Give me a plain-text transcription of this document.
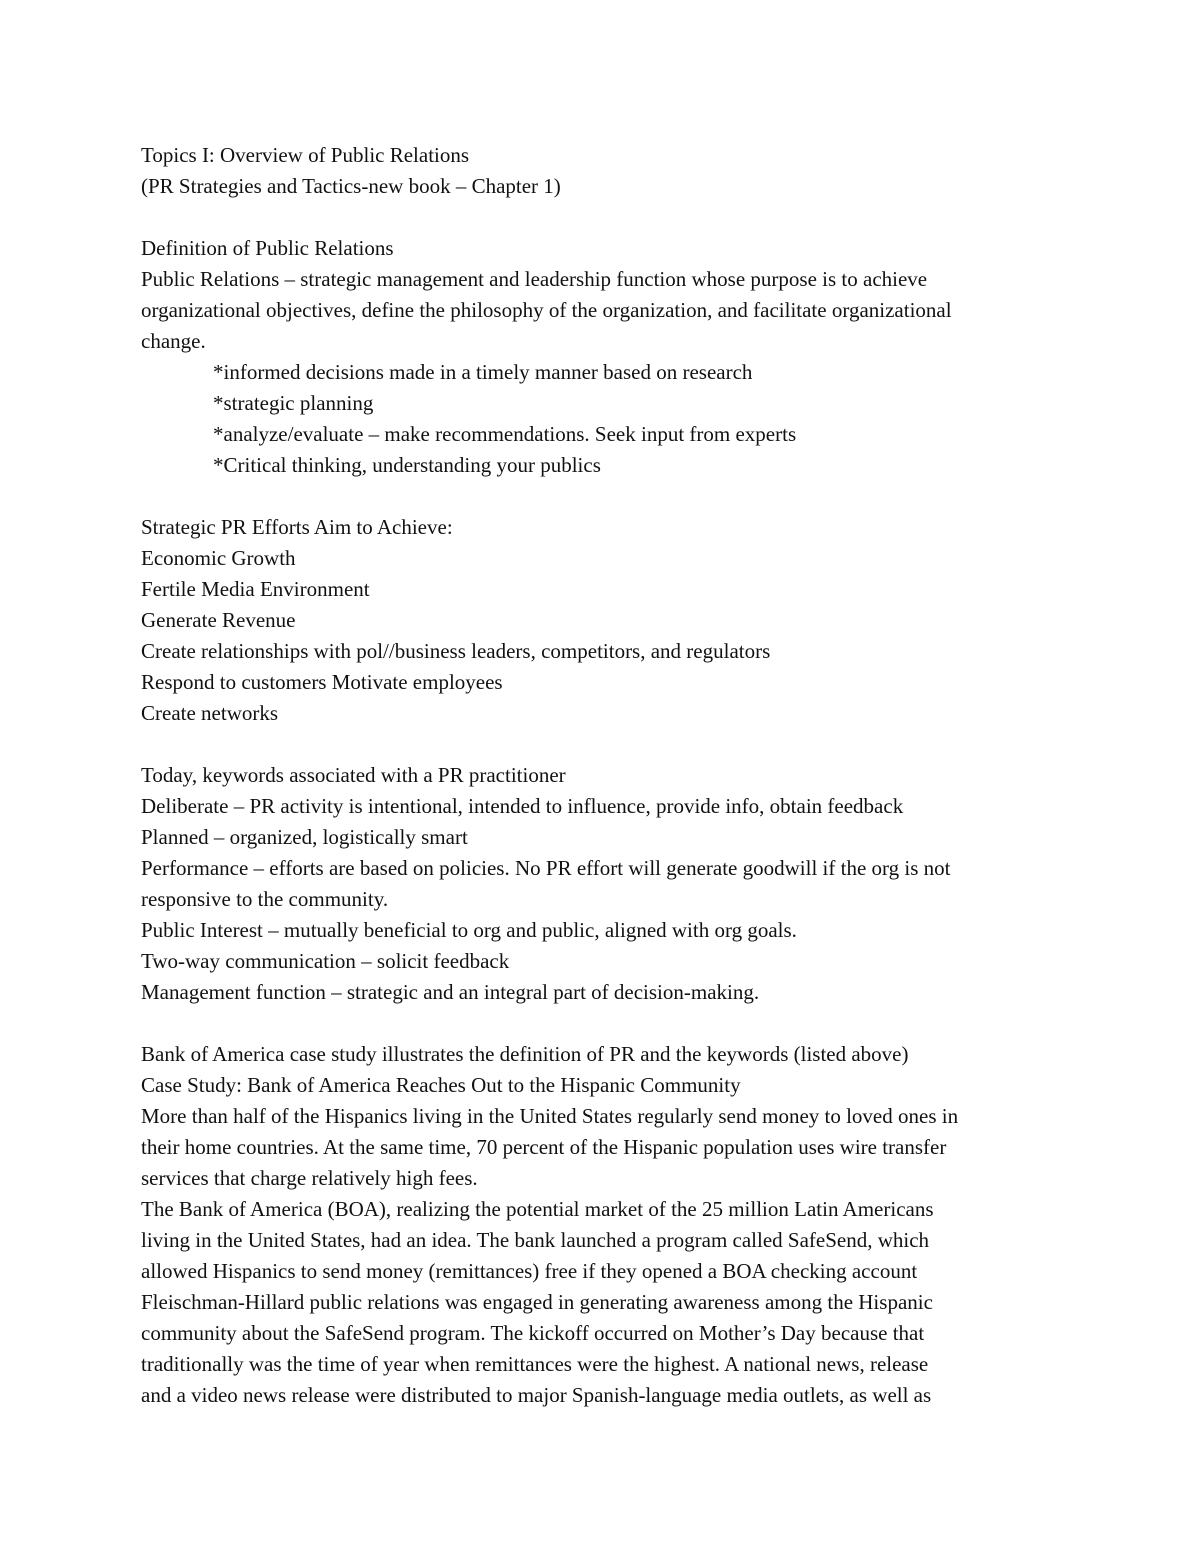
Topics I: Overview of Public Relations
(PR Strategies and Tactics-new book – Chapter 1)
Definition of Public Relations
Public Relations – strategic management and leadership function whose purpose is to achieve
organizational objectives, define the philosophy of the organization, and facilitate organizational
change.
*informed decisions made in a timely manner based on research
*strategic planning
*analyze/evaluate – make recommendations. Seek input from experts
*Critical thinking, understanding your publics
Strategic PR Efforts Aim to Achieve:
Economic Growth
Fertile Media Environment
Generate Revenue
Create relationships with pol//business leaders, competitors, and regulators
Respond to customers Motivate employees
Create networks
Today, keywords associated with a PR practitioner
Deliberate – PR activity is intentional, intended to influence, provide info, obtain feedback
Planned – organized, logistically smart
Performance – efforts are based on policies. No PR effort will generate goodwill if the org is not
responsive to the community.
Public Interest – mutually beneficial to org and public, aligned with org goals.
Two-way communication – solicit feedback
Management function – strategic and an integral part of decision-making.
Bank of America case study illustrates the definition of PR and the keywords (listed above)
Case Study: Bank of America Reaches Out to the Hispanic Community
More than half of the Hispanics living in the United States regularly send money to loved ones in
their home countries. At the same time, 70 percent of the Hispanic population uses wire transfer
services that charge relatively high fees.
The Bank of America (BOA), realizing the potential market of the 25 million Latin Americans
living in the United States, had an idea. The bank launched a program called SafeSend, which
allowed Hispanics to send money (remittances) free if they opened a BOA checking account
Fleischman-Hillard public relations was engaged in generating awareness among the Hispanic
community about the SafeSend program. The kickoff occurred on Mother’s Day because that
traditionally was the time of year when remittances were the highest. A national news, release
and a video news release were distributed to major Spanish-language media outlets, as well as
